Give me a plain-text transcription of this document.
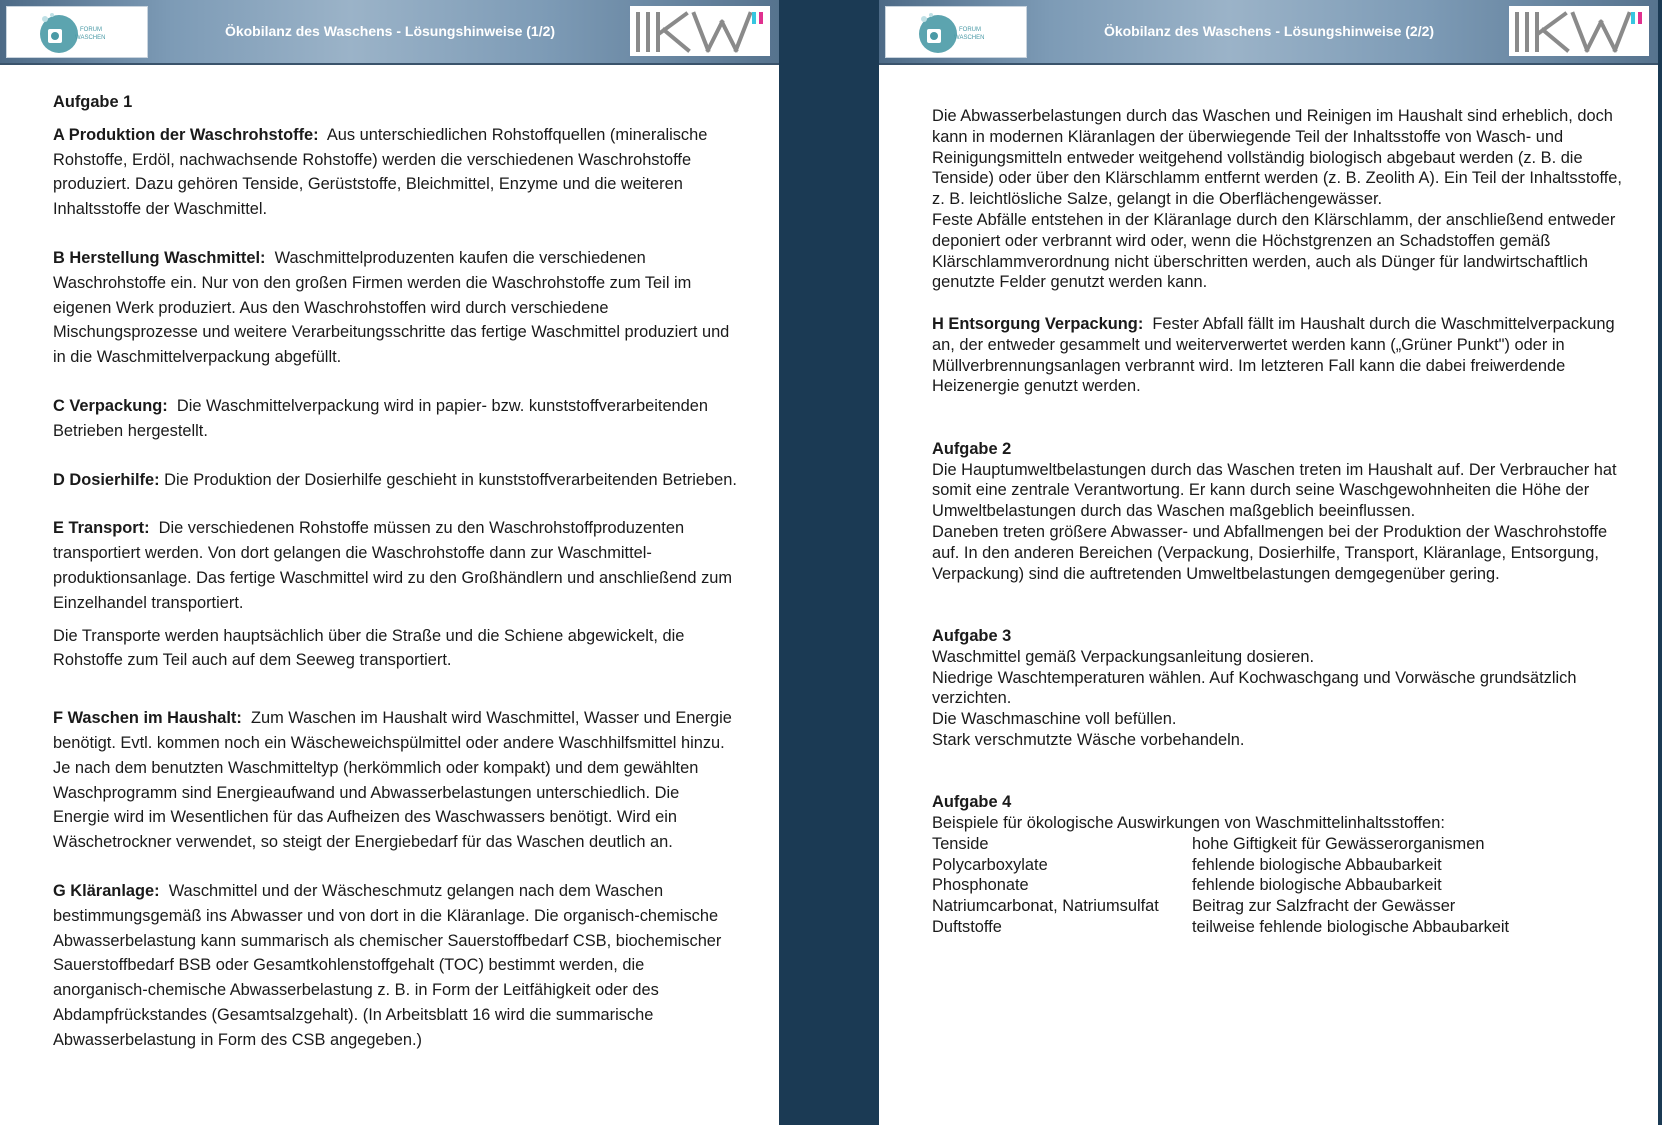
FORUM
WASCHEN	Ökobilanz des Waschens - Lösungshinweise (1/2)

Aufgabe 1

A Produktion der Waschrohstoffe: Aus unterschiedlichen Rohstoffquellen (mineralische Rohstoffe, Erdöl, nachwachsende Rohstoffe) werden die verschiedenen Waschrohstoffe produziert. Dazu gehören Tenside, Gerüststoffe, Bleichmittel, Enzyme und die weiteren Inhaltsstoffe der Waschmittel.

B Herstellung Waschmittel: Waschmittelproduzenten kaufen die verschiedenen Waschrohstoffe ein. Nur von den großen Firmen werden die Waschrohstoffe zum Teil im eigenen Werk produziert. Aus den Waschrohstoffen wird durch verschiedene Mischungsprozesse und weitere Verarbeitungsschritte das fertige Waschmittel produziert und in die Waschmittelverpackung abgefüllt.

C Verpackung: Die Waschmittelverpackung wird in papier- bzw. kunststoffverarbeitenden Betrieben hergestellt.

D Dosierhilfe: Die Produktion der Dosierhilfe geschieht in kunststoffverarbeitenden Betrieben.

E Transport: Die verschiedenen Rohstoffe müssen zu den Waschrohstoffproduzenten transportiert werden. Von dort gelangen die Waschrohstoffe dann zur Waschmittel-produktionsanlage. Das fertige Waschmittel wird zu den Großhändlern und anschließend zum Einzelhandel transportiert.

Die Transporte werden hauptsächlich über die Straße und die Schiene abgewickelt, die Rohstoffe zum Teil auch auf dem Seeweg transportiert.

F Waschen im Haushalt: Zum Waschen im Haushalt wird Waschmittel, Wasser und Energie benötigt. Evtl. kommen noch ein Wäscheweichspülmittel oder andere Waschhilfsmittel hinzu. Je nach dem benutzten Waschmitteltyp (herkömmlich oder kompakt) und dem gewählten Waschprogramm sind Energieaufwand und Abwasserbelastungen unterschiedlich. Die Energie wird im Wesentlichen für das Aufheizen des Waschwassers benötigt. Wird ein Wäschetrockner verwendet, so steigt der Energiebedarf für das Waschen deutlich an.

G Kläranlage: Waschmittel und der Wäscheschmutz gelangen nach dem Waschen bestimmungsgemäß ins Abwasser und von dort in die Kläranlage. Die organisch-chemische Abwasserbelastung kann summarisch als chemischer Sauerstoffbedarf CSB, biochemischer Sauerstoffbedarf BSB oder Gesamtkohlenstoffgehalt (TOC) bestimmt werden, die anorganisch-chemische Abwasserbelastung z. B. in Form der Leitfähigkeit oder des Abdampfrückstandes (Gesamtsalzgehalt). (In Arbeitsblatt 16 wird die summarische Abwasserbelastung in Form des CSB angegeben.)

FORUM
WASCHEN	Ökobilanz des Waschens - Lösungshinweise (2/2)

Die Abwasserbelastungen durch das Waschen und Reinigen im Haushalt sind erheblich, doch kann in modernen Kläranlagen der überwiegende Teil der Inhaltsstoffe von Wasch- und Reinigungsmitteln entweder weitgehend vollständig biologisch abgebaut werden (z. B. die Tenside) oder über den Klärschlamm entfernt werden (z. B. Zeolith A). Ein Teil der Inhaltsstoffe, z. B. leichtlösliche Salze, gelangt in die Oberflächengewässer.

Feste Abfälle entstehen in der Kläranlage durch den Klärschlamm, der anschließend entweder deponiert oder verbrannt wird oder, wenn die Höchstgrenzen an Schadstoffen gemäß Klärschlammverordnung nicht überschritten werden, auch als Dünger für landwirtschaftlich genutzte Felder genutzt werden kann.

H Entsorgung Verpackung: Fester Abfall fällt im Haushalt durch die Waschmittelverpackung an, der entweder gesammelt und weiterverwertet werden kann („Grüner Punkt") oder in Müllverbrennungsanlagen verbrannt wird. Im letzteren Fall kann die dabei freiwerdende Heizenergie genutzt werden.

Aufgabe 2

Die Hauptumweltbelastungen durch das Waschen treten im Haushalt auf. Der Verbraucher hat somit eine zentrale Verantwortung. Er kann durch seine Waschgewohnheiten die Höhe der Umweltbelastungen durch das Waschen maßgeblich beeinflussen.

Daneben treten größere Abwasser- und Abfallmengen bei der Produktion der Waschrohstoffe auf. In den anderen Bereichen (Verpackung, Dosierhilfe, Transport, Kläranlage, Entsorgung, Verpackung) sind die auftretenden Umweltbelastungen demgegenüber gering.

Aufgabe 3

Waschmittel gemäß Verpackungsanleitung dosieren.

Niedrige Waschtemperaturen wählen. Auf Kochwaschgang und Vorwäsche grundsätzlich verzichten.

Die Waschmaschine voll befüllen.

Stark verschmutzte Wäsche vorbehandeln.

Aufgabe 4

Beispiele für ökologische Auswirkungen von Waschmittelinhaltsstoffen:

Tenside	hohe Giftigkeit für Gewässerorganismen
Polycarboxylate	fehlende biologische Abbaubarkeit
Phosphonate	fehlende biologische Abbaubarkeit
Natriumcarbonat, Natriumsulfat	Beitrag zur Salzfracht der Gewässer
Duftstoffe	teilweise fehlende biologische Abbaubarkeit
